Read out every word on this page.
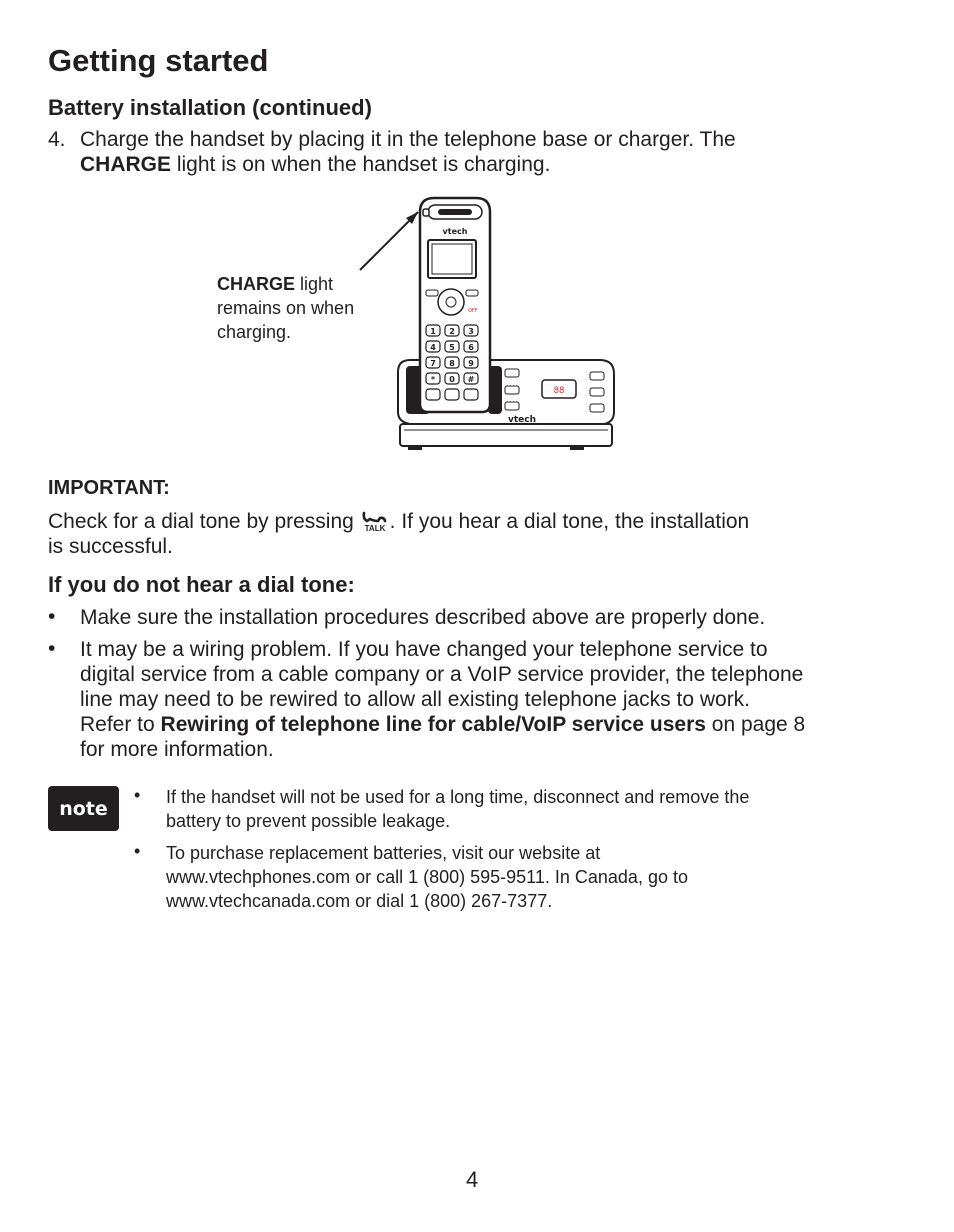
Getting started
Battery installation (continued)
4. Charge the handset by placing it in the telephone base or charger. The
CHARGE light is on when the handset is charging.
CHARGE light
remains on when
charging.
88
vtech
vtech
OFF
1 2 3
4 5 6
7 8 9
* 0 #
IMPORTANT:
Check for a dial tone by pressing TALK . If you hear a dial tone, the installation
is successful.
If you do not hear a dial tone:
• Make sure the installation procedures described above are properly done.
• It may be a wiring problem. If you have changed your telephone service to
digital service from a cable company or a VoIP service provider, the telephone
line may need to be rewired to allow all existing telephone jacks to work.
Refer to Rewiring of telephone line for cable/VoIP service users on page 8
for more information.
note
• If the handset will not be used for a long time, disconnect and remove the
battery to prevent possible leakage.
• To purchase replacement batteries, visit our website at
www.vtechphones.com or call 1 (800) 595-9511. In Canada, go to
www.vtechcanada.com or dial 1 (800) 267-7377.
4
